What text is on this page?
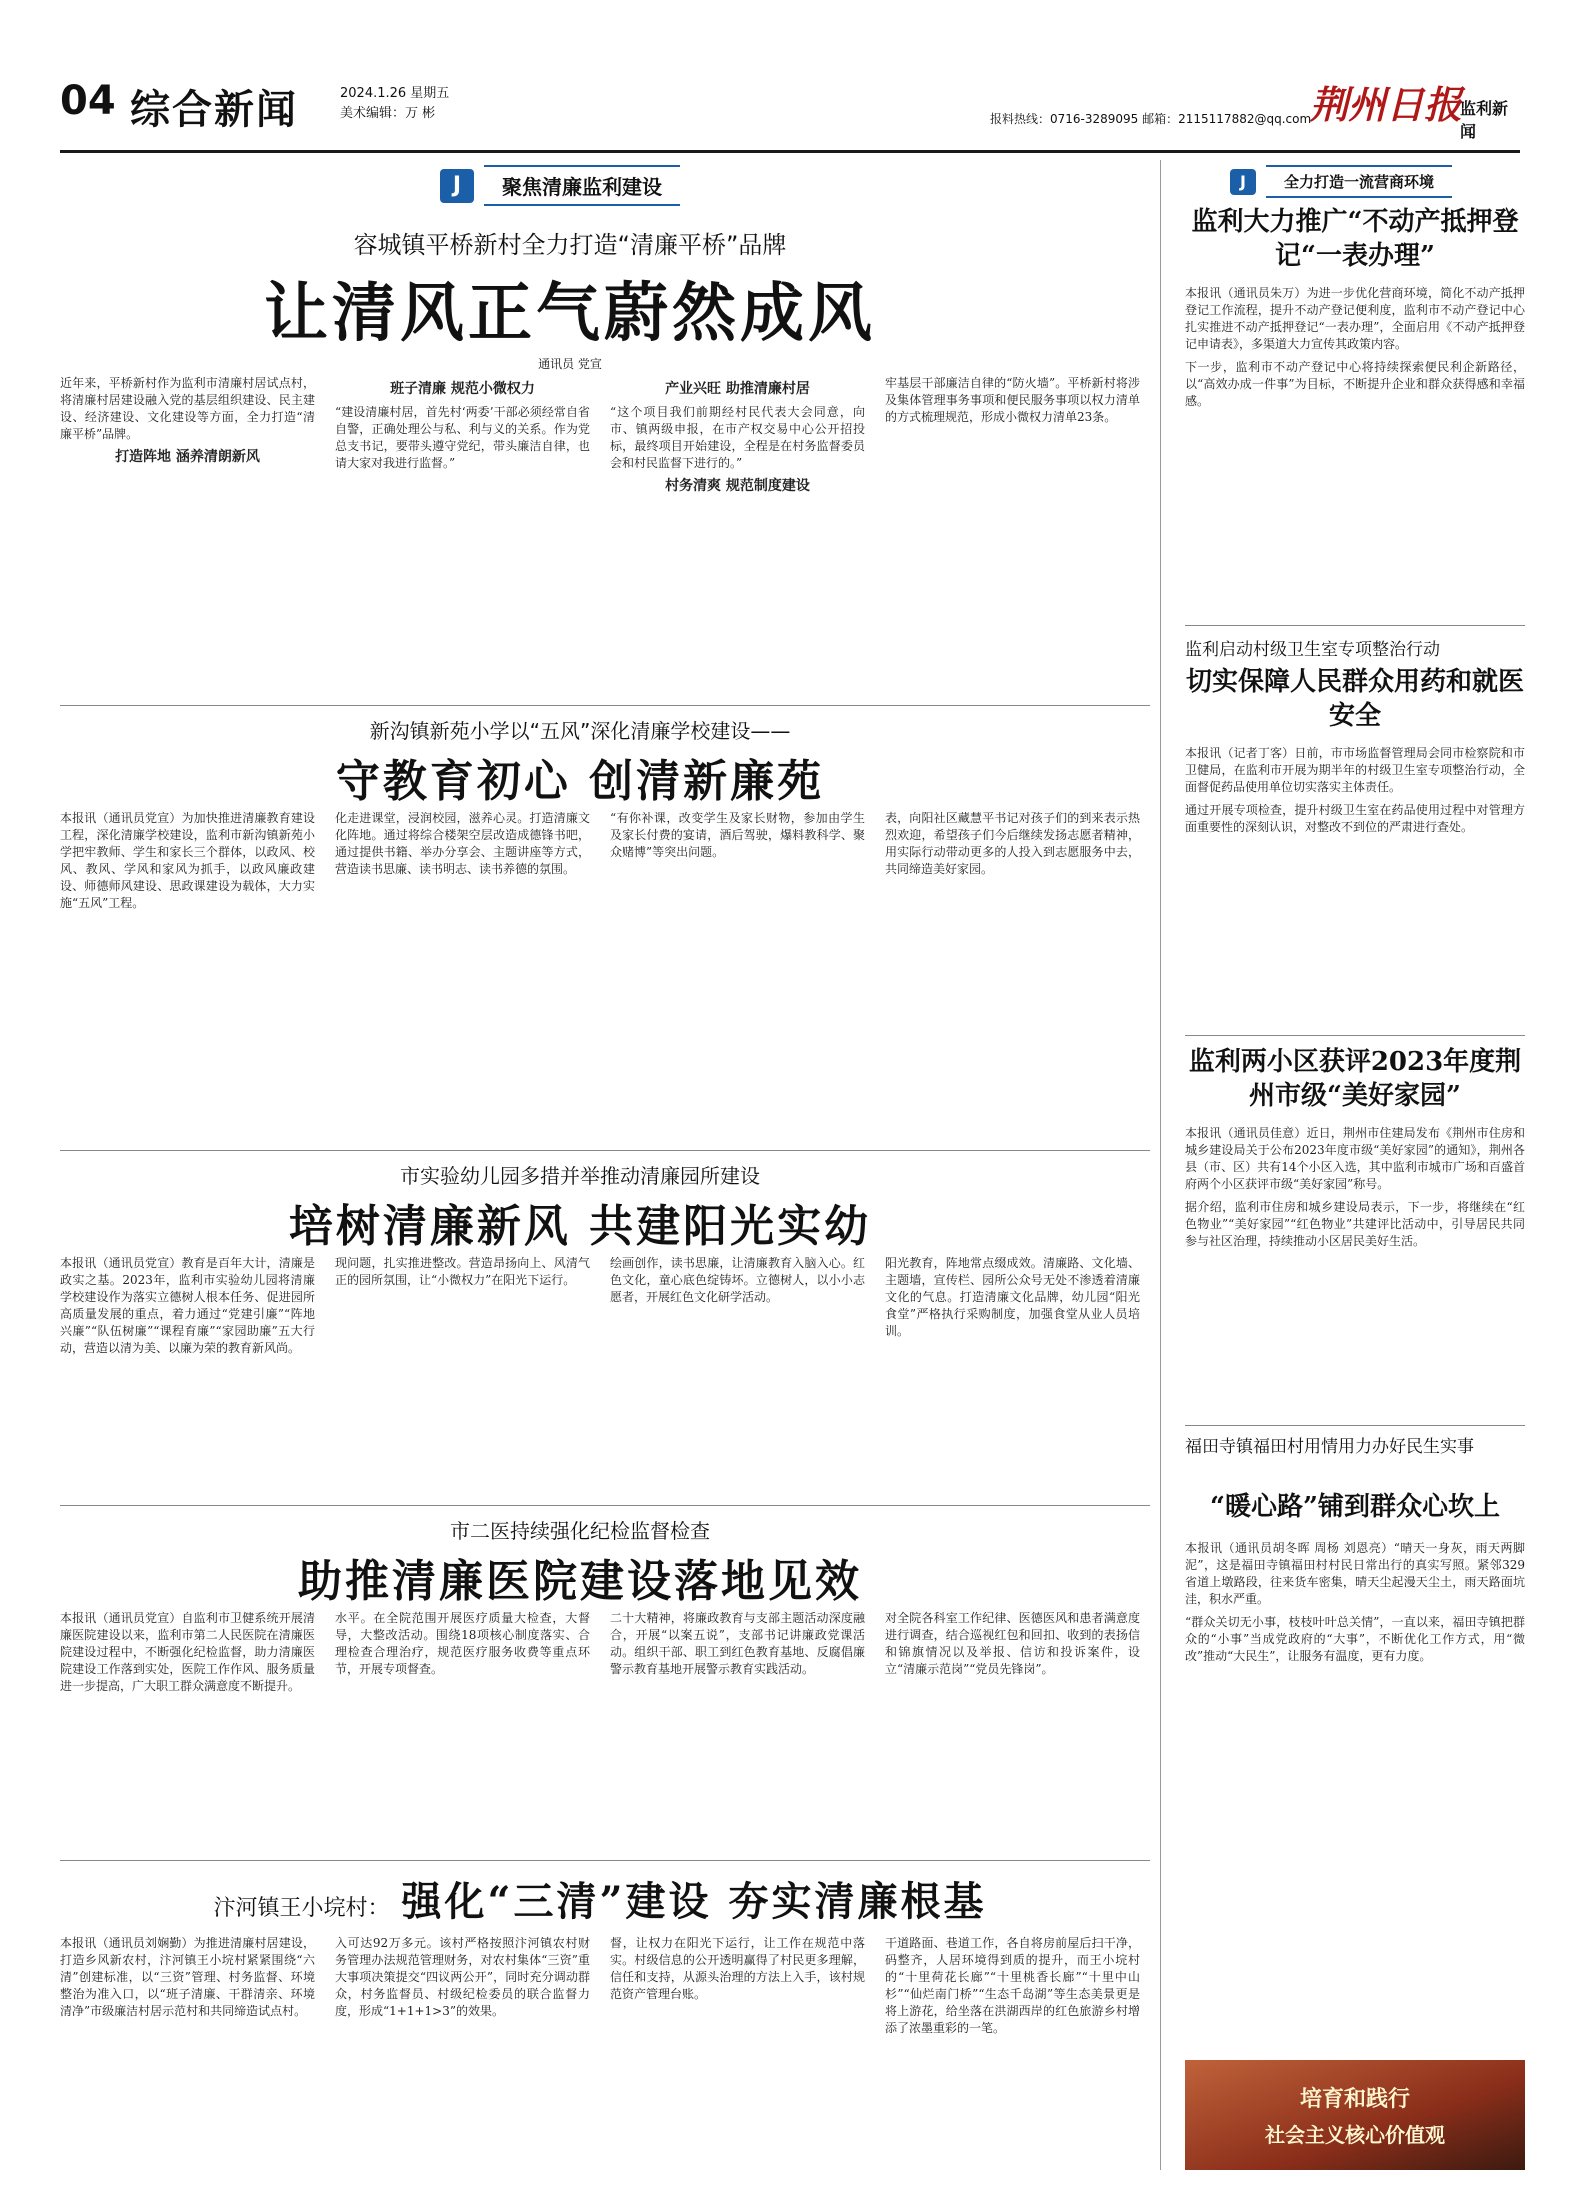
04 综合新闻	2024.1.26 星期五
美术编辑：万 彬	报料热线：0716-3289095 邮箱：2115117882@qq.com
荆州日报
监利新闻
J	聚焦清廉监利建设
容城镇平桥新村全力打造“清廉平桥”品牌
让清风正气蔚然成风
通讯员 党宣

近年来，平桥新村作为监利市清廉村居试点村，将清廉村居建设融入党的基层组织建设、民主建设、经济建设、文化建设等方面，全力打造“清廉平桥”品牌。

打造阵地 涵养清朗新风
班子清廉 规范小微权力

“建设清廉村居，首先村‘两委’干部必须经常自省自警，正确处理公与私、利与义的关系。作为党总支书记，要带头遵守党纪，带头廉洁自律，也请大家对我进行监督。”

产业兴旺 助推清廉村居

“这个项目我们前期经村民代表大会同意，向市、镇两级申报，在市产权交易中心公开招投标，最终项目开始建设，全程是在村务监督委员会和村民监督下进行的。”

村务清爽 规范制度建设

牢基层干部廉洁自律的“防火墙”。平桥新村将涉及集体管理事务事项和便民服务事项以权力清单的方式梳理规范，形成小微权力清单23条。

新沟镇新苑小学以“五风”深化清廉学校建设——
守教育初心 创清新廉苑

本报讯（通讯员党宣）为加快推进清廉教育建设工程，深化清廉学校建设，监利市新沟镇新苑小学把牢教师、学生和家长三个群体，以政风、校风、教风、学风和家风为抓手，以政风廉政建设、师德师风建设、思政课建设为载体，大力实施“五风”工程。

化走进课堂，浸润校园，滋养心灵。打造清廉文化阵地。通过将综合楼架空层改造成德锋书吧，通过提供书籍、举办分享会、主题讲座等方式，营造读书思廉、读书明志、读书养德的氛围。

“有你补课，改变学生及家长财物，参加由学生及家长付费的宴请，酒后驾驶，爆料教科学、聚众赌博”等突出问题。

表，向阳社区藏慧平书记对孩子们的到来表示热烈欢迎，希望孩子们今后继续发扬志愿者精神，用实际行动带动更多的人投入到志愿服务中去，共同缔造美好家园。

市实验幼儿园多措并举推动清廉园所建设
培树清廉新风 共建阳光实幼

本报讯（通讯员党宣）教育是百年大计，清廉是政实之基。2023年，监利市实验幼儿园将清廉学校建设作为落实立德树人根本任务、促进园所高质量发展的重点，着力通过“党建引廉”“阵地兴廉”“队伍树廉”“课程育廉”“家园助廉”五大行动，营造以清为美、以廉为荣的教育新风尚。

现问题，扎实推进整改。营造昂扬向上、风清气正的园所氛围，让“小微权力”在阳光下运行。

绘画创作，读书思廉，让清廉教育入脑入心。红色文化，童心底色绽铸坏。立德树人，以小小志愿者，开展红色文化研学活动。

阳光教育，阵地常点缀成效。清廉路、文化墙、主题墙，宣传栏、园所公众号无处不渗透着清廉文化的气息。打造清廉文化品牌，幼儿园“阳光食堂”严格执行采购制度，加强食堂从业人员培训。

市二医持续强化纪检监督检查
助推清廉医院建设落地见效

本报讯（通讯员党宣）自监利市卫健系统开展清廉医院建设以来，监利市第二人民医院在清廉医院建设过程中，不断强化纪检监督，助力清廉医院建设工作落到实处，医院工作作风、服务质量进一步提高，广大职工群众满意度不断提升。

水平。在全院范围开展医疗质量大检查，大督导，大整改活动。围绕18项核心制度落实、合理检查合理治疗，规范医疗服务收费等重点环节，开展专项督查。

二十大精神，将廉政教育与支部主题活动深度融合，开展“以案五说”，支部书记讲廉政党课活动。组织干部、职工到红色教育基地、反腐倡廉警示教育基地开展警示教育实践活动。

对全院各科室工作纪律、医德医风和患者满意度进行调查，结合巡视红包和回扣、收到的表扬信和锦旗情况以及举报、信访和投诉案件，设立“清廉示范岗”“党员先锋岗”。

汴河镇王小垸村： 强化“三清”建设 夯实清廉根基

本报讯（通讯员刘娴勤）为推进清廉村居建设，打造乡风新农村，汴河镇王小垸村紧紧围绕“六清”创建标准，以“三资”管理、村务监督、环境整治为准入口，以“班子清廉、干群清亲、环境清净”市级廉洁村居示范村和共同缔造试点村。

入可达92万多元。该村严格按照汴河镇农村财务管理办法规范管理财务，对农村集体“三资”重大事项决策提交“四议两公开”，同时充分调动群众，村务监督员、村级纪检委员的联合监督力度，形成“1+1+1>3”的效果。

督，让权力在阳光下运行，让工作在规范中落实。村级信息的公开透明赢得了村民更多理解，信任和支持，从源头治理的方法上入手，该村规范资产管理台账。

干道路面、巷道工作，各自将房前屋后扫干净，码整齐，人居环境得到质的提升，而王小垸村的“十里荷花长廊”“十里桃香长廊”“十里中山杉”“仙烂南门桥”“生态千岛湖”等生态美景更是将上游花，给坐落在洪湖西岸的红色旅游乡村增添了浓墨重彩的一笔。

J	全力打造一流营商环境
监利大力推广“不动产抵押登记“一表办理”

本报讯（通讯员朱万）为进一步优化营商环境，简化不动产抵押登记工作流程，提升不动产登记便利度，监利市不动产登记中心扎实推进不动产抵押登记“一表办理”，全面启用《不动产抵押登记申请表》，多渠道大力宣传其政策内容。

下一步，监利市不动产登记中心将持续探索便民利企新路径，以“高效办成一件事”为目标，不断提升企业和群众获得感和幸福感。

监利启动村级卫生室专项整治行动
切实保障人民群众用药和就医安全

本报讯（记者丁客）日前，市市场监督管理局会同市检察院和市卫健局，在监利市开展为期半年的村级卫生室专项整治行动，全面督促药品使用单位切实落实主体责任。

通过开展专项检查，提升村级卫生室在药品使用过程中对管理方面重要性的深刻认识，对整改不到位的严肃进行查处。

监利两小区获评2023年度荆州市级“美好家园”

本报讯（通讯员佳意）近日，荆州市住建局发布《荆州市住房和城乡建设局关于公布2023年度市级“美好家园”的通知》，荆州各县（市、区）共有14个小区入选，其中监利市城市广场和百盛首府两个小区获评市级“美好家园”称号。

据介绍，监利市住房和城乡建设局表示，下一步，将继续在“红色物业”“美好家园”“红色物业”共建评比活动中，引导居民共同参与社区治理，持续推动小区居民美好生活。

福田寺镇福田村用情用力办好民生实事
“暖心路”铺到群众心坎上

本报讯（通讯员胡冬晖 周杨 刘恩亮）“晴天一身灰，雨天两脚泥”，这是福田寺镇福田村村民日常出行的真实写照。紧邻329省道上墩路段，往来货车密集，晴天尘起漫天尘土，雨天路面坑洼，积水严重。

“群众关切无小事，枝枝叶叶总关情”，一直以来，福田寺镇把群众的“小事”当成党政府的“大事”，不断优化工作方式，用“微改”推动“大民生”，让服务有温度，更有力度。

培育和践行
社会主义核心价值观
